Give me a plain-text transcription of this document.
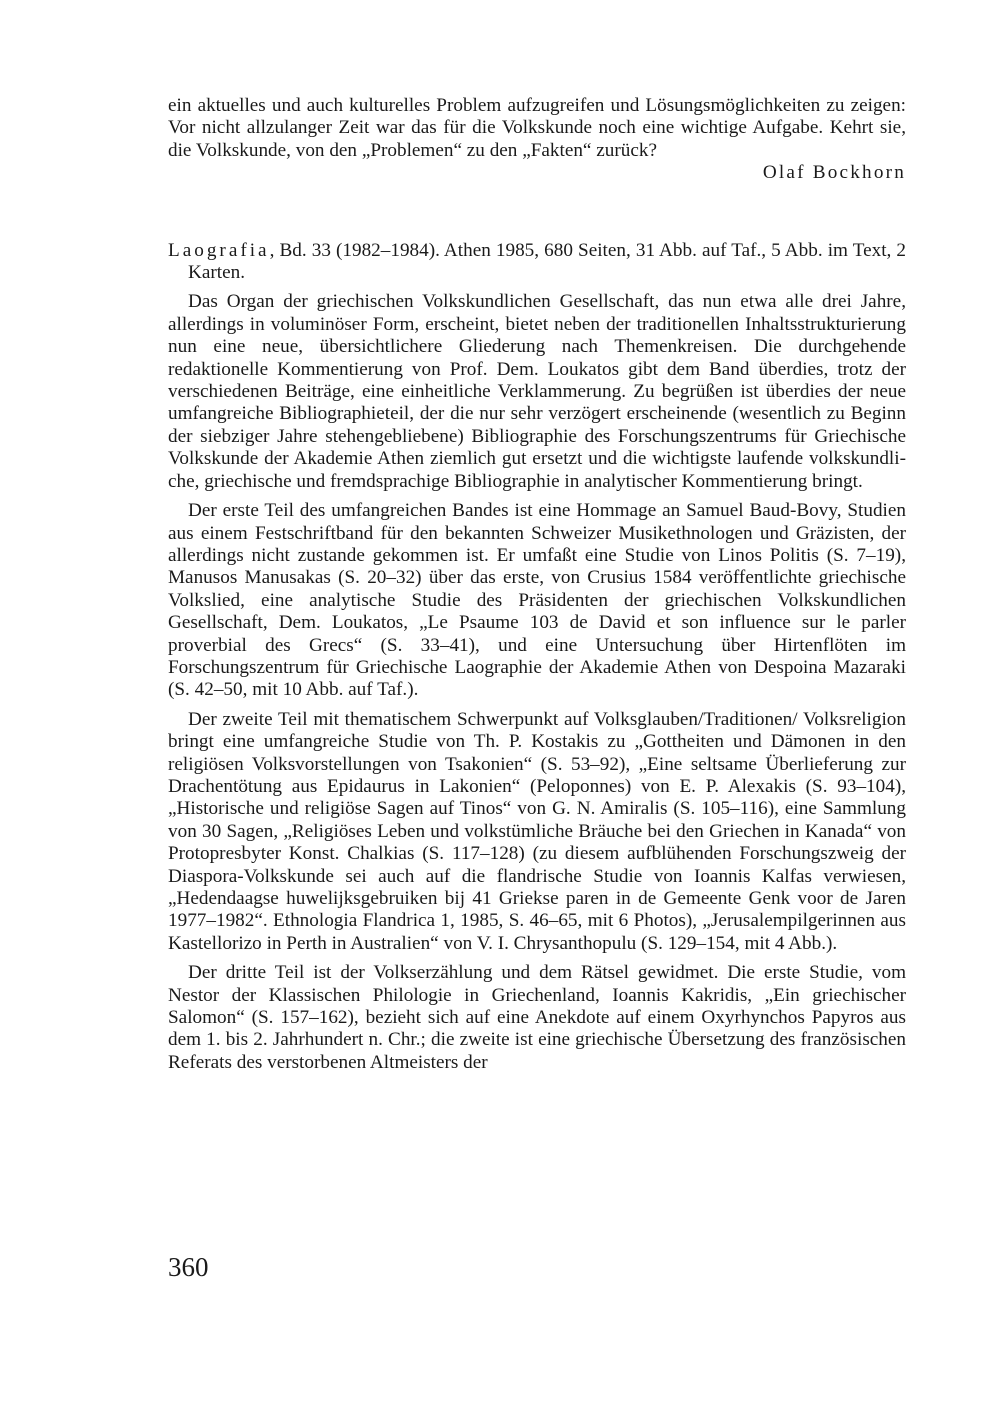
ein aktuelles und auch kulturelles Problem aufzugreifen und Lösungsmöglichkeiten zu zeigen: Vor nicht allzulanger Zeit war das für die Volkskunde noch eine wichtige Aufgabe. Kehrt sie, die Volkskunde, von den „Problemen“ zu den „Fakten“ zurück?

Olaf Bockhorn

Laografia, Bd. 33 (1982–1984). Athen 1985, 680 Seiten, 31 Abb. auf Taf., 5 Abb. im Text, 2 Karten.

Das Organ der griechischen Volkskundlichen Gesellschaft, das nun etwa alle drei Jahre, allerdings in voluminöser Form, erscheint, bietet neben der traditionellen Inhaltsstrukturierung nun eine neue, übersichtlichere Gliederung nach Themenkreisen. Die durchgehende redaktionelle Kommentierung von Prof. Dem. Loukatos gibt dem Band überdies, trotz der verschiedenen Beiträge, eine einheitliche Verklammerung. Zu begrüßen ist überdies der neue umfangreiche Bibliographieteil, der die nur sehr verzögert erscheinende (wesentlich zu Beginn der siebziger Jahre stehengebliebene) Bibliographie des Forschungszentrums für Griechische Volkskunde der Akademie Athen ziemlich gut ersetzt und die wichtigste laufende volkskundliche, griechische und fremdsprachige Bibliographie in analytischer Kommentierung bringt.

Der erste Teil des umfangreichen Bandes ist eine Hommage an Samuel Baud-Bovy, Studien aus einem Festschriftband für den bekannten Schweizer Musikethnologen und Gräzisten, der allerdings nicht zustande gekommen ist. Er umfaßt eine Studie von Linos Politis (S. 7–19), Manusos Manusakas (S. 20–32) über das erste, von Crusius 1584 veröffentlichte griechische Volkslied, eine analytische Studie des Präsidenten der griechischen Volkskundlichen Gesellschaft, Dem. Loukatos, „Le Psaume 103 de David et son influence sur le parler proverbial des Grecs“ (S. 33–41), und eine Untersuchung über Hirtenflöten im Forschungszentrum für Griechische Laographie der Akademie Athen von Despoina Mazaraki (S. 42–50, mit 10 Abb. auf Taf.).

Der zweite Teil mit thematischem Schwerpunkt auf Volksglauben/Traditionen/ Volksreligion bringt eine umfangreiche Studie von Th. P. Kostakis zu „Gottheiten und Dämonen in den religiösen Volksvorstellungen von Tsakonien“ (S. 53–92), „Eine seltsame Überlieferung zur Drachentötung aus Epidaurus in Lakonien“ (Peloponnes) von E. P. Alexakis (S. 93–104), „Historische und religiöse Sagen auf Tinos“ von G. N. Amiralis (S. 105–116), eine Sammlung von 30 Sagen, „Religiöses Leben und volkstümliche Bräuche bei den Griechen in Kanada“ von Protopresbyter Konst. Chalkias (S. 117–128) (zu diesem aufblühenden Forschungszweig der Diaspora-Volkskunde sei auch auf die flandrische Studie von Ioannis Kalfas verwiesen, „Hedendaagse huwelijksgebruiken bij 41 Griekse paren in de Gemeente Genk voor de Jaren 1977–1982“. Ethnologia Flandrica 1, 1985, S. 46–65, mit 6 Photos), „Jerusalempilgerinnen aus Kastellorizo in Perth in Australien“ von V. I. Chrysanthopulu (S. 129–154, mit 4 Abb.).

Der dritte Teil ist der Volkserzählung und dem Rätsel gewidmet. Die erste Studie, vom Nestor der Klassischen Philologie in Griechenland, Ioannis Kakridis, „Ein griechischer Salomon“ (S. 157–162), bezieht sich auf eine Anekdote auf einem Oxyrhynchos Papyros aus dem 1. bis 2. Jahrhundert n. Chr.; die zweite ist eine griechische Übersetzung des französischen Referats des verstorbenen Altmeisters der

360
